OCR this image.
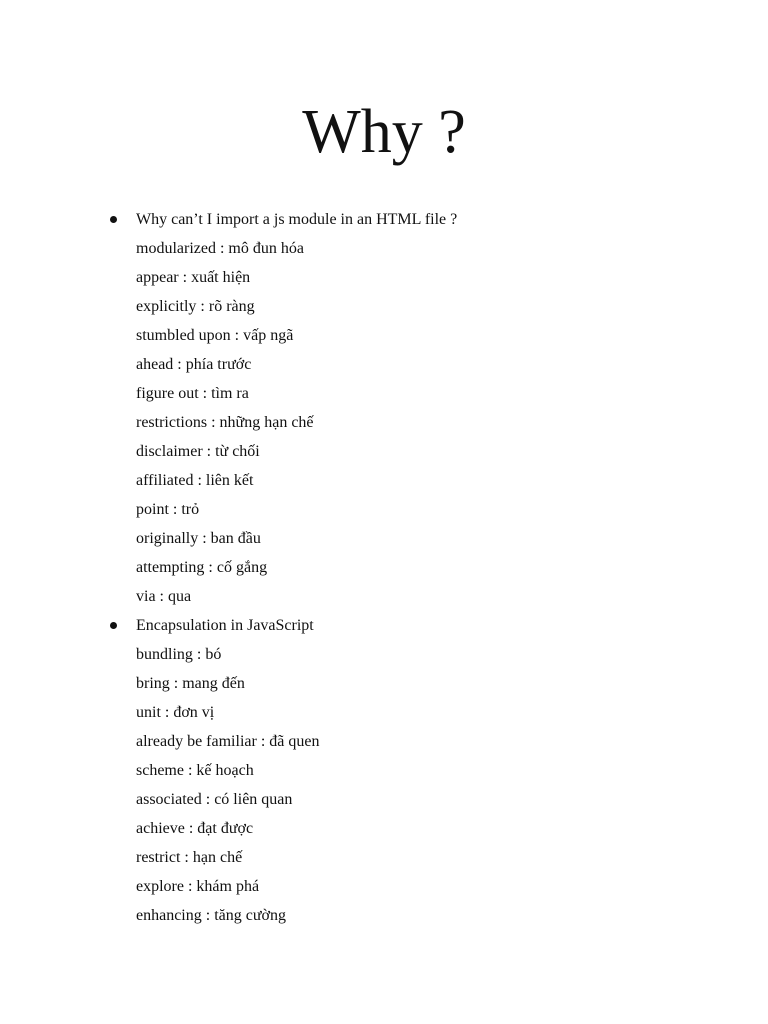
Why ?
Why can’t I import a js module in an HTML file ?
modularized : mô đun hóa
appear : xuất hiện
explicitly : rõ ràng
stumbled upon : vấp ngã
ahead : phía trước
figure out : tìm ra
restrictions : những hạn chế
disclaimer : từ chối
affiliated : liên kết
point : trỏ
originally : ban đầu
attempting : cố gắng
via : qua
Encapsulation in JavaScript
bundling : bó
bring : mang đến
unit : đơn vị
already be familiar : đã quen
scheme : kế hoạch
associated : có liên quan
achieve : đạt được
restrict : hạn chế
explore : khám phá
enhancing : tăng cường
